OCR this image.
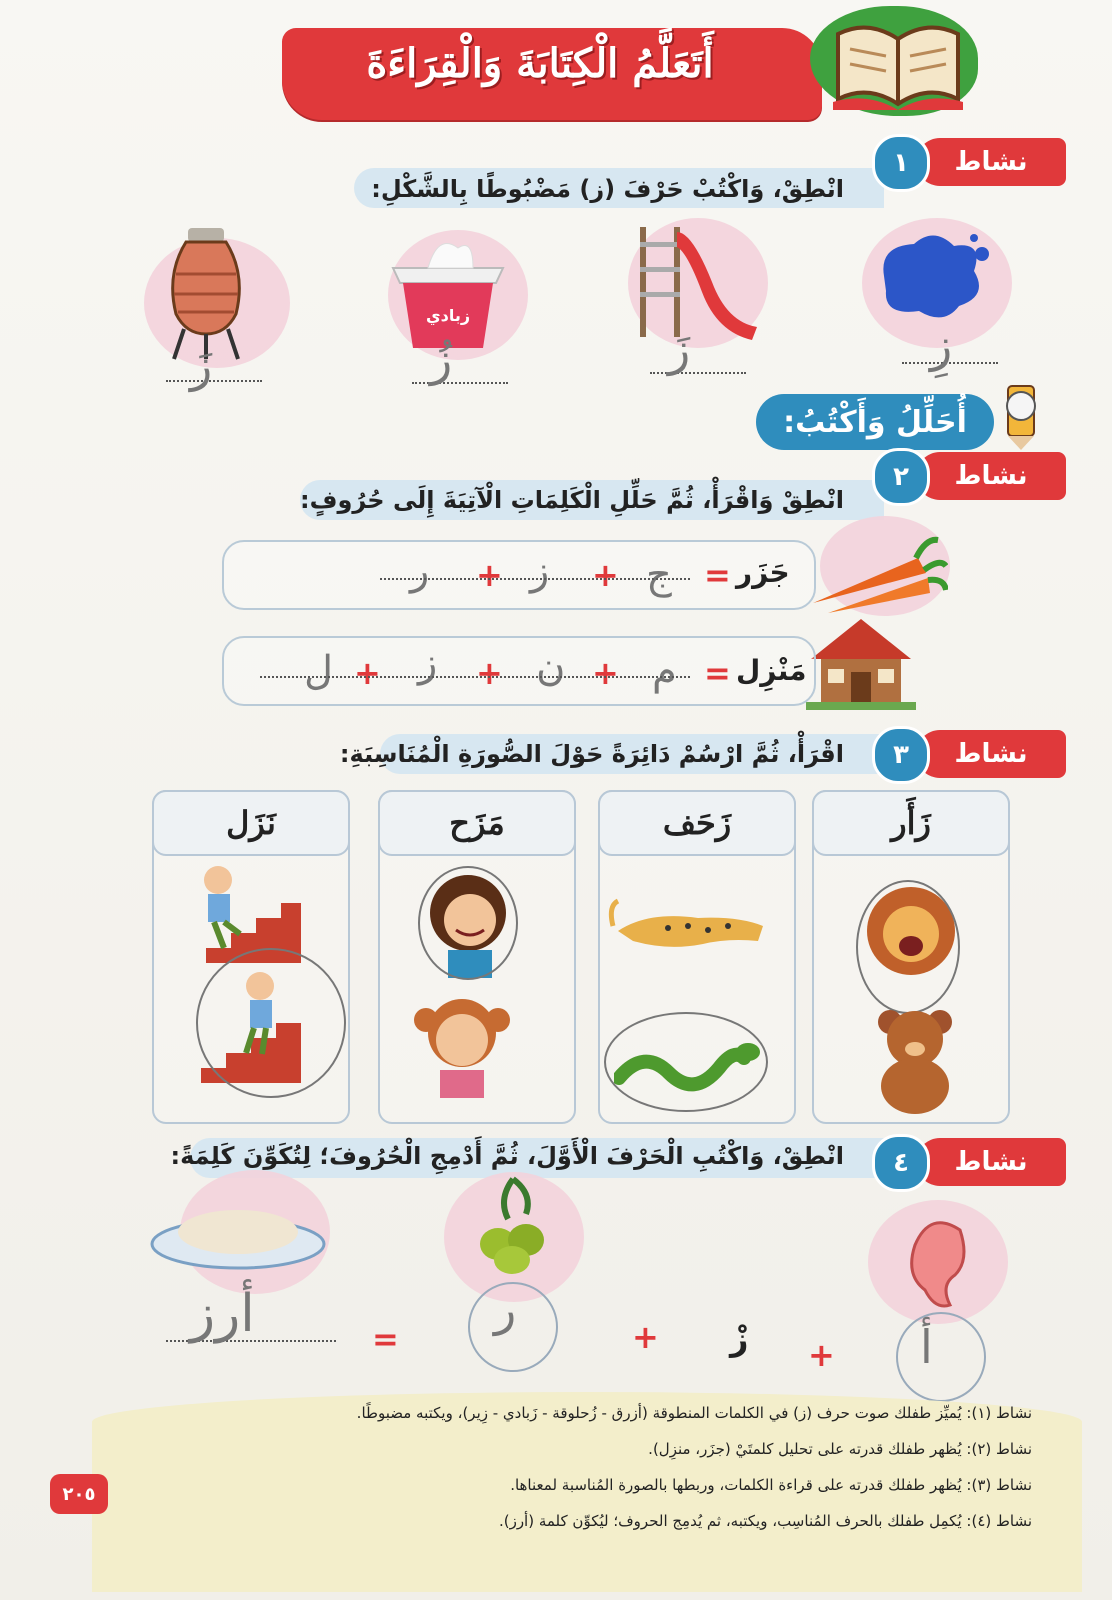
أَتَعَلَّمُ الْكِتَابَةَ وَالْقِرَاءَةَ
نشاط
١
انْطِقْ، وَاكْتُبْ حَرْفَ (ز) مَضْبُوطًا بِالشَّكْلِ:
زِ
زَ
زبادي
زُ
زَ
أُحَلِّلُ وَأَكْتُبُ:
نشاط
٢
انْطِقْ وَاقْرَأْ، ثُمَّ حَلِّلِ الْكَلِمَاتِ الْآتِيَةَ إِلَى حُرُوفٍ:
جَزَر
=
ج
+
ز
+
ر
مَنْزِل
=
م
+
ن
+
ز
+
ل
نشاط
٣
اقْرَأْ، ثُمَّ ارْسُمْ دَائِرَةً حَوْلَ الصُّورَةِ الْمُنَاسِبَةِ:
زَأَر
زَحَف
مَزَح
نَزَل
نشاط
٤
انْطِقْ، وَاكْتُبِ الْحَرْفَ الْأَوَّلَ، ثُمَّ أَدْمِجِ الْحُرُوفَ؛ لِتُكَوِّنَ كَلِمَةً:
أ
+
ر
+ زْ
=
أرز
نشاط (١): يُميِّز طفلك صوت حرف (ز) في الكلمات المنطوقة (أزرق - زُحلوقة - زَبادي - زِير)، ويكتبه مضبوطًا.
نشاط (٢): يُظهر طفلك قدرته على تحليل كلمتَيْ (جزَر، منزِل).
نشاط (٣): يُظهر طفلك قدرته على قراءة الكلمات، وربطها بالصورة المُناسبة لمعناها.
نشاط (٤): يُكمِل طفلك بالحرف المُناسِب، ويكتبه، ثم يُدمِج الحروف؛ ليُكوِّن كلمة (أرز).
٢٠٥
